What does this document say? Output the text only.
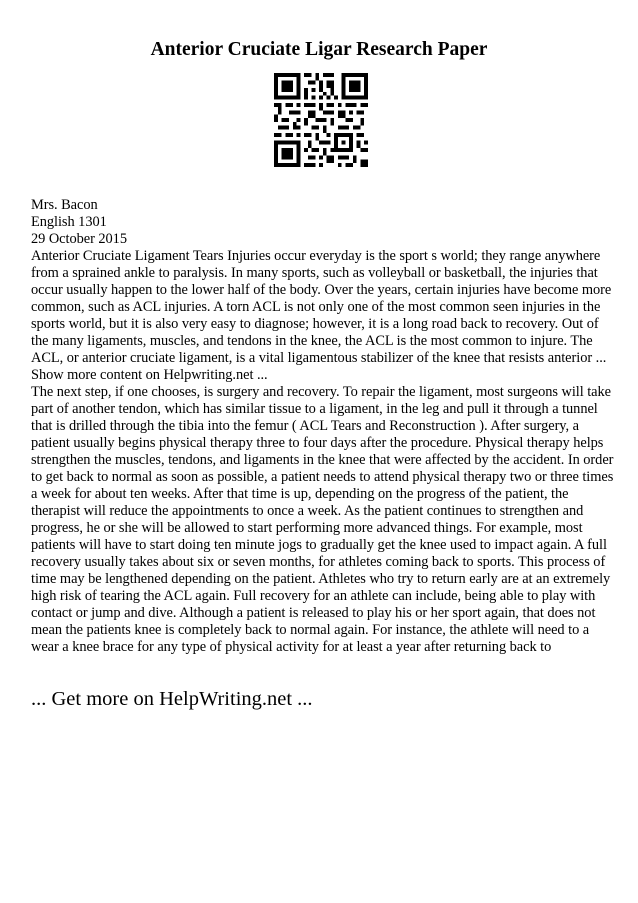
Anterior Cruciate Ligar Research Paper

Mrs. Bacon

English 1301

29 October 2015

Anterior Cruciate Ligament Tears Injuries occur everyday is the sport s world; they range anywhere from a sprained ankle to paralysis. In many sports, such as volleyball or basketball, the injuries that occur usually happen to the lower half of the body. Over the years, certain injuries have become more common, such as ACL injuries. A torn ACL is not only one of the most common seen injuries in the sports world, but it is also very easy to diagnose; however, it is a long road back to recovery. Out of the many ligaments, muscles, and tendons in the knee, the ACL is the most common to injure. The ACL, or anterior cruciate ligament, is a vital ligamentous stabilizer of the knee that resists anterior ... Show more content on Helpwriting.net ...

The next step, if one chooses, is surgery and recovery. To repair the ligament, most surgeons will take part of another tendon, which has similar tissue to a ligament, in the leg and pull it through a tunnel that is drilled through the tibia into the femur ( ACL Tears and Reconstruction ). After surgery, a patient usually begins physical therapy three to four days after the procedure. Physical therapy helps strengthen the muscles, tendons, and ligaments in the knee that were affected by the accident. In order to get back to normal as soon as possible, a patient needs to attend physical therapy two or three times a week for about ten weeks. After that time is up, depending on the progress of the patient, the therapist will reduce the appointments to once a week. As the patient continues to strengthen and progress, he or she will be allowed to start performing more advanced things. For example, most patients will have to start doing ten minute jogs to gradually get the knee used to impact again. A full recovery usually takes about six or seven months, for athletes coming back to sports. This process of time may be lengthened depending on the patient. Athletes who try to return early are at an extremely high risk of tearing the ACL again. Full recovery for an athlete can include, being able to play with contact or jump and dive. Although a patient is released to play his or her sport again, that does not mean the patients knee is completely back to normal again. For instance, the athlete will need to a wear a knee brace for any type of physical activity for at least a year after returning back to

... Get more on HelpWriting.net ...
